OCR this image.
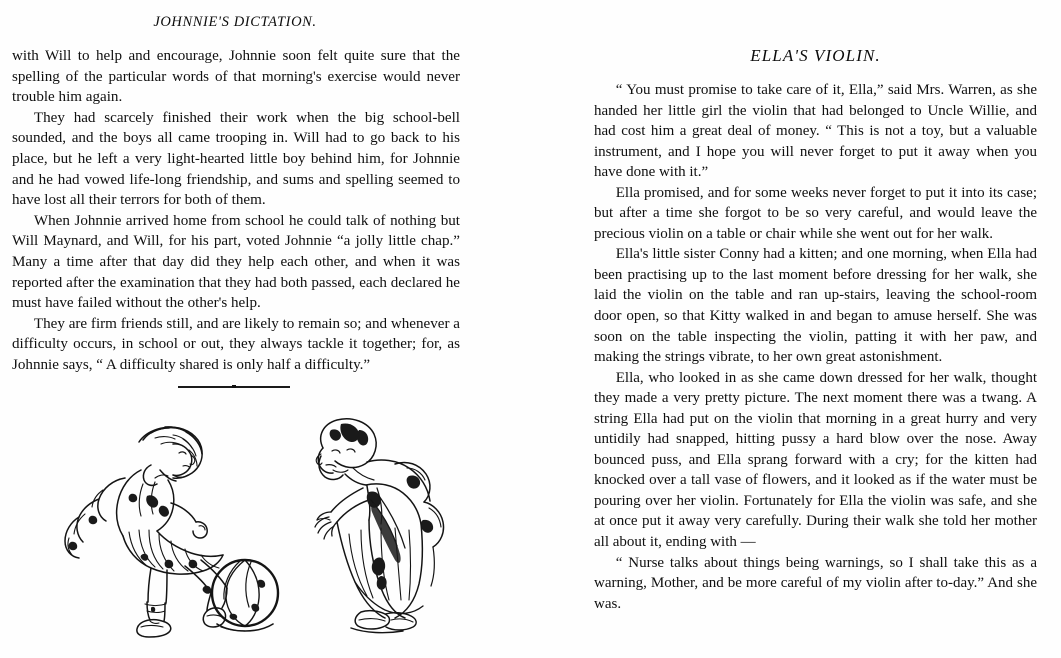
JOHNNIE'S DICTATION.

with Will to help and encourage, Johnnie soon felt quite sure that the spelling of the particular words of that morning's exercise would never trouble him again.

They had scarcely finished their work when the big school-bell sounded, and the boys all came trooping in. Will had to go back to his place, but he left a very light-hearted little boy behind him, for Johnnie and he had vowed life-long friendship, and sums and spelling seemed to have lost all their terrors for both of them.

When Johnnie arrived home from school he could talk of nothing but Will Maynard, and Will, for his part, voted Johnnie “a jolly little chap.” Many a time after that day did they help each other, and when it was reported after the examination that they had both passed, each declared he must have failed without the other's help.

They are firm friends still, and are likely to remain so; and whenever a difficulty occurs, in school or out, they always tackle it together; for, as Johnnie says, “ A difficulty shared is only half a difficulty.”

ELLA'S VIOLIN.

“ You must promise to take care of it, Ella,” said Mrs. Warren, as she handed her little girl the violin that had belonged to Uncle Willie, and had cost him a great deal of money. “ This is not a toy, but a valuable instrument, and I hope you will never forget to put it away when you have done with it.”

Ella promised, and for some weeks never forget to put it into its case; but after a time she forgot to be so very careful, and would leave the precious violin on a table or chair while she went out for her walk.

Ella's little sister Conny had a kitten; and one morning, when Ella had been practising up to the last moment before dressing for her walk, she laid the violin on the table and ran up-stairs, leaving the school-room door open, so that Kitty walked in and began to amuse herself. She was soon on the table inspecting the violin, patting it with her paw, and making the strings vibrate, to her own great astonishment.

Ella, who looked in as she came down dressed for her walk, thought they made a very pretty picture. The next moment there was a twang. A string Ella had put on the violin that morning in a great hurry and very untidily had snapped, hitting pussy a hard blow over the nose. Away bounced puss, and Ella sprang forward with a cry; for the kitten had knocked over a tall vase of flowers, and it looked as if the water must be pouring over her violin. Fortunately for Ella the violin was safe, and she at once put it away very carefully. During their walk she told her mother all about it, ending with —

“ Nurse talks about things being warnings, so I shall take this as a warning, Mother, and be more careful of my violin after to-day.” And she was.
